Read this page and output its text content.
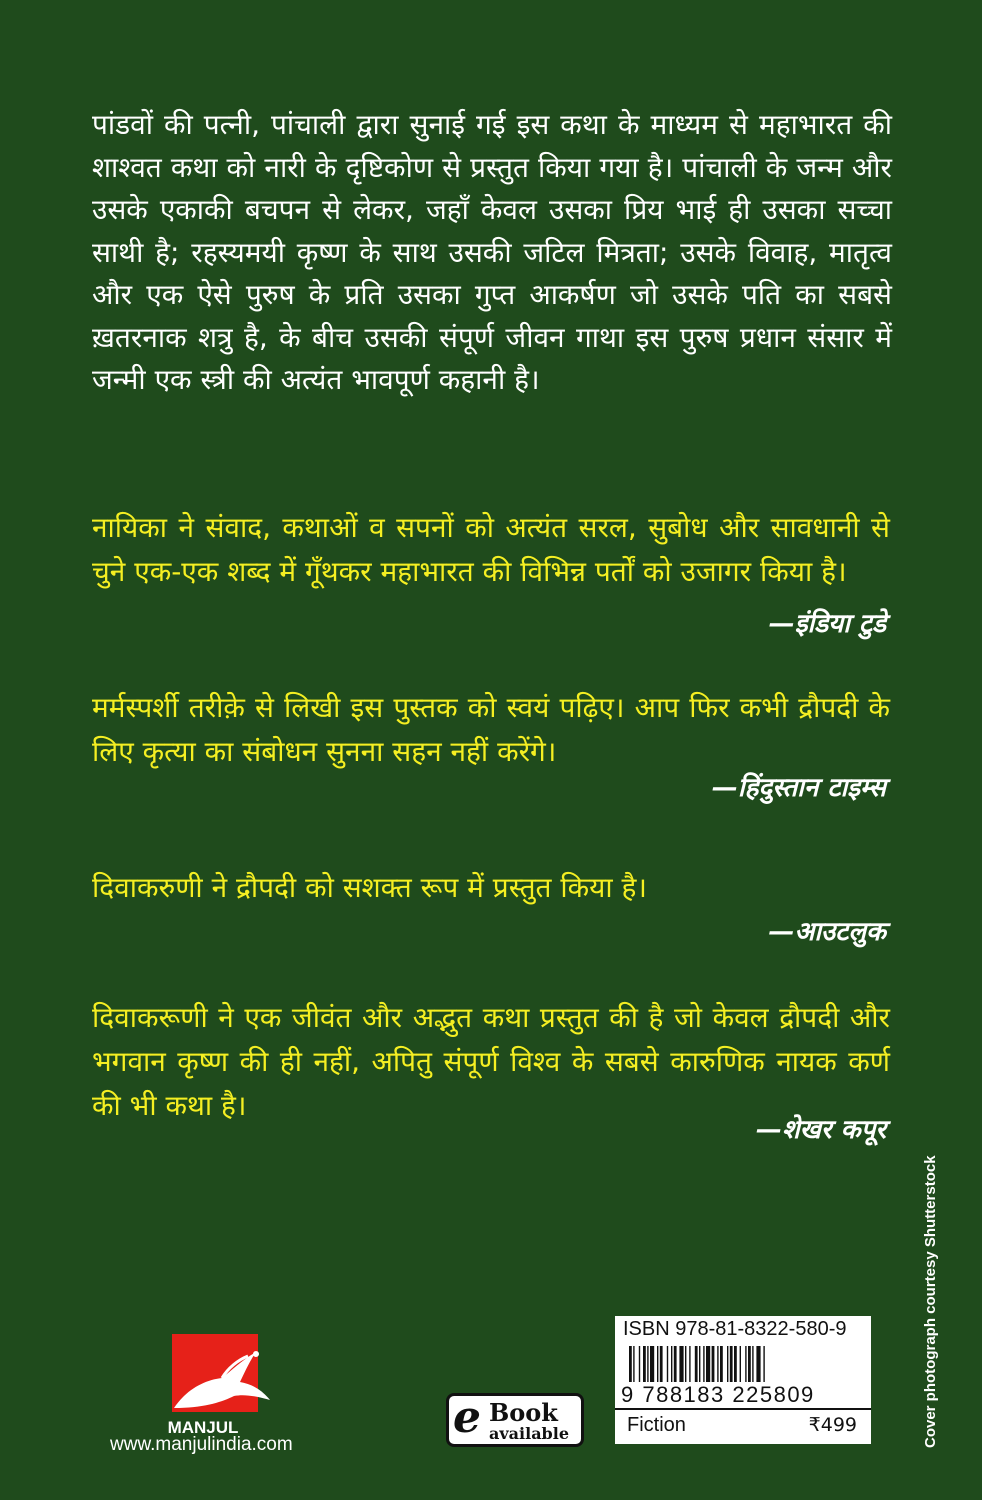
पांडवों की पत्नी, पांचाली द्वारा सुनाई गई इस कथा के माध्यम से महाभारत की शाश्वत कथा को नारी के दृष्टिकोण से प्रस्तुत किया गया है। पांचाली के जन्म और उसके एकाकी बचपन से लेकर, जहाँ केवल उसका प्रिय भाई ही उसका सच्चा साथी है; रहस्यमयी कृष्ण के साथ उसकी जटिल मित्रता; उसके विवाह, मातृत्व और एक ऐसे पुरुष के प्रति उसका गुप्त आकर्षण जो उसके पति का सबसे ख़तरनाक शत्रु है, के बीच उसकी संपूर्ण जीवन गाथा इस पुरुष प्रधान संसार में जन्मी एक स्त्री की अत्यंत भावपूर्ण कहानी है।

नायिका ने संवाद, कथाओं व सपनों को अत्यंत सरल, सुबोध और सावधानी से चुने एक-एक शब्द में गूँथकर महाभारत की विभिन्न पर्तों को उजागर किया है।

—इंडिया टुडे

मर्मस्पर्शी तरीक़े से लिखी इस पुस्तक को स्वयं पढ़िए। आप फिर कभी द्रौपदी के लिए कृत्या का संबोधन सुनना सहन नहीं करेंगे।

—हिंदुस्तान टाइम्स

दिवाकरुणी ने द्रौपदी को सशक्त रूप में प्रस्तुत किया है।

—आउटलुक

दिवाकरूणी ने एक जीवंत और अद्भुत कथा प्रस्तुत की है जो केवल द्रौपदी और भगवान कृष्ण की ही नहीं, अपितु संपूर्ण विश्व के सबसे कारुणिक नायक कर्ण की भी कथा है।

—शेखर कपूर

Cover photograph courtesy Shutterstock
MANJUL
www.manjulindia.com
e Book
available
ISBN 978-81-8322-580-9
9 788183 225809
Fiction	₹499
